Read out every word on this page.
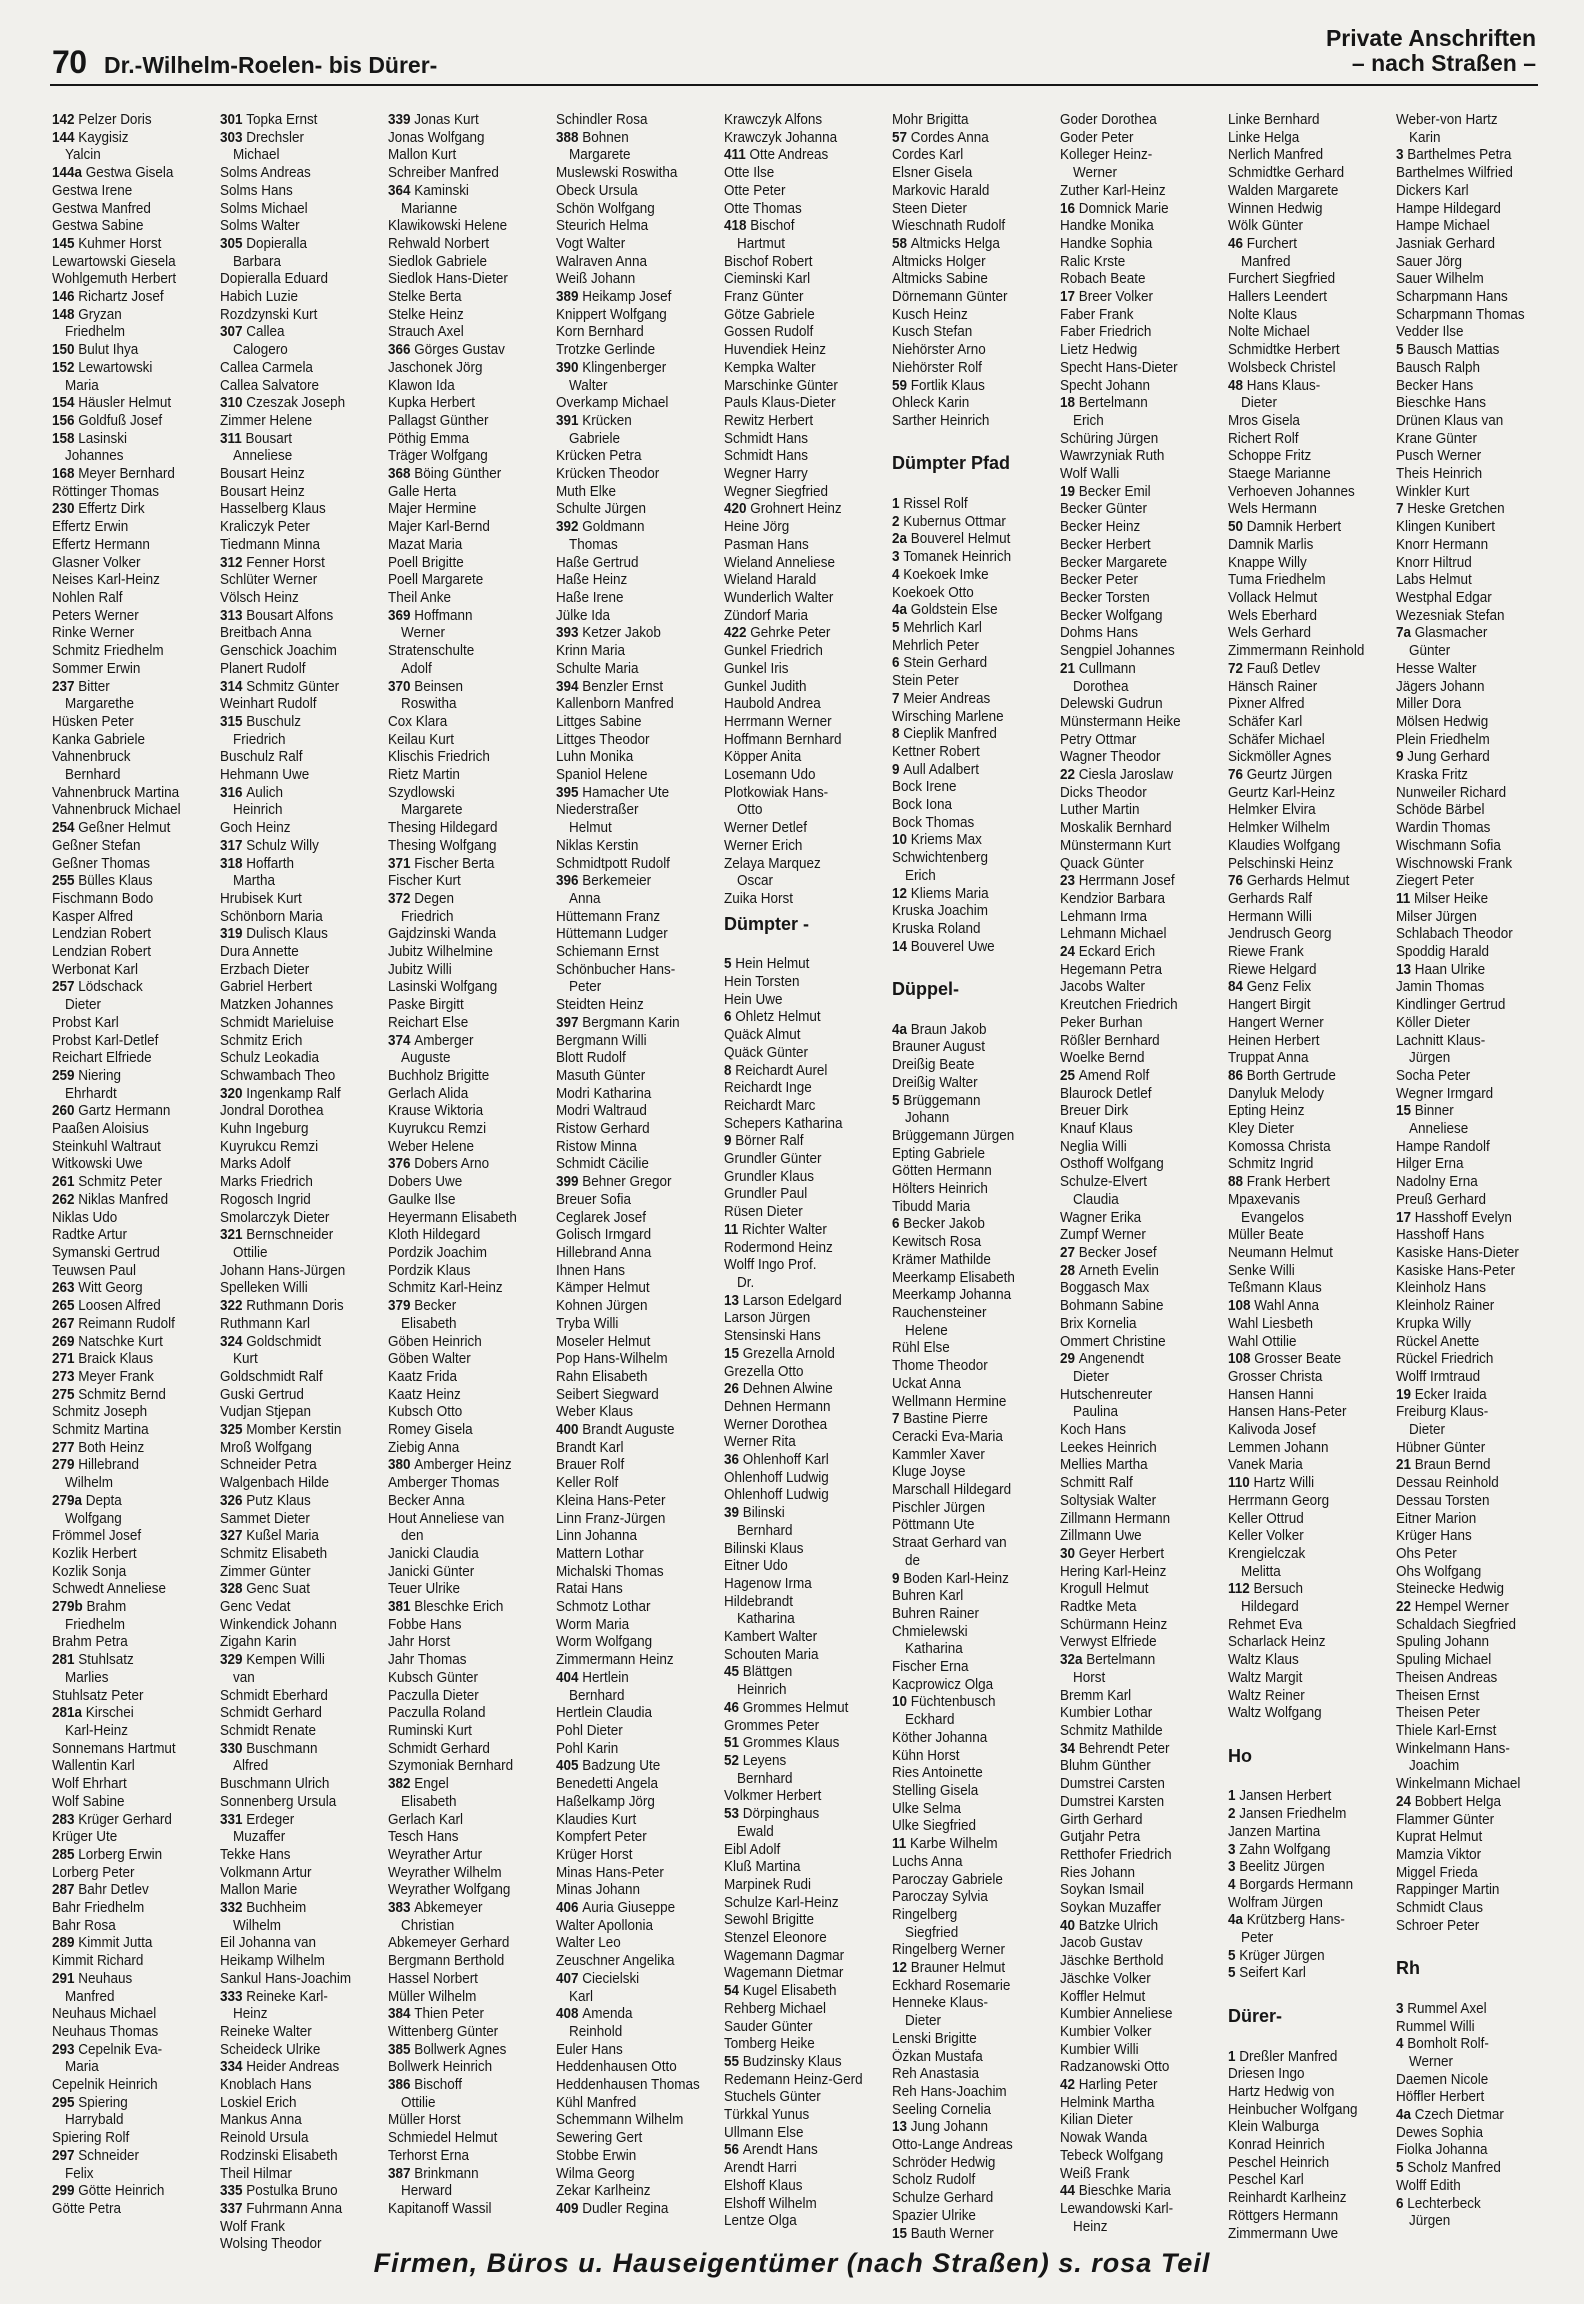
70 Dr.-Wilhelm-Roelen- bis Dürer-
Private Anschriften
– nach Straßen –
142 Pelzer Doris
144 Kaygisiz
Yalcin
144a Gestwa Gisela
Gestwa Irene
Gestwa Manfred
Gestwa Sabine
145 Kuhmer Horst
Lewartowski Giesela
Wohlgemuth Herbert
146 Richartz Josef
148 Gryzan
Friedhelm
150 Bulut Ihya
152 Lewartowski
Maria
154 Häusler Helmut
156 Goldfuß Josef
158 Lasinski
Johannes
168 Meyer Bernhard
Röttinger Thomas
230 Effertz Dirk
Effertz Erwin
Effertz Hermann
Glasner Volker
Neises Karl-Heinz
Nohlen Ralf
Peters Werner
Rinke Werner
Schmitz Friedhelm
Sommer Erwin
237 Bitter
Margarethe
Hüsken Peter
Kanka Gabriele
Vahnenbruck
Bernhard
Vahnenbruck Martina
Vahnenbruck Michael
254 Geßner Helmut
Geßner Stefan
Geßner Thomas
255 Bülles Klaus
Fischmann Bodo
Kasper Alfred
Lendzian Robert
Lendzian Robert
Werbonat Karl
257 Lödschack
Dieter
Probst Karl
Probst Karl-Detlef
Reichart Elfriede
259 Niering
Ehrhardt
260 Gartz Hermann
Paaßen Aloisius
Steinkuhl Waltraut
Witkowski Uwe
261 Schmitz Peter
262 Niklas Manfred
Niklas Udo
Radtke Artur
Symanski Gertrud
Teuwsen Paul
263 Witt Georg
265 Loosen Alfred
267 Reimann Rudolf
269 Natschke Kurt
271 Braick Klaus
273 Meyer Frank
275 Schmitz Bernd
Schmitz Joseph
Schmitz Martina
277 Both Heinz
279 Hillebrand
Wilhelm
279a Depta
Wolfgang
Frömmel Josef
Kozlik Herbert
Kozlik Sonja
Schwedt Anneliese
279b Brahm
Friedhelm
Brahm Petra
281 Stuhlsatz
Marlies
Stuhlsatz Peter
281a Kirschei
Karl-Heinz
Sonnemans Hartmut
Wallentin Karl
Wolf Ehrhart
Wolf Sabine
283 Krüger Gerhard
Krüger Ute
285 Lorberg Erwin
Lorberg Peter
287 Bahr Detlev
Bahr Friedhelm
Bahr Rosa
289 Kimmit Jutta
Kimmit Richard
291 Neuhaus
Manfred
Neuhaus Michael
Neuhaus Thomas
293 Cepelnik Eva-
Maria
Cepelnik Heinrich
295 Spiering
Harrybald
Spiering Rolf
297 Schneider
Felix
299 Götte Heinrich
Götte Petra
301 Topka Ernst
303 Drechsler
Michael
Solms Andreas
Solms Hans
Solms Michael
Solms Walter
305 Dopieralla
Barbara
Dopieralla Eduard
Habich Luzie
Rozdzynski Kurt
307 Callea
Calogero
Callea Carmela
Callea Salvatore
310 Czeszak Joseph
Zimmer Helene
311 Bousart
Anneliese
Bousart Heinz
Bousart Heinz
Hasselberg Klaus
Kraliczyk Peter
Tiedmann Minna
312 Fenner Horst
Schlüter Werner
Völsch Heinz
313 Bousart Alfons
Breitbach Anna
Genschick Joachim
Planert Rudolf
314 Schmitz Günter
Weinhart Rudolf
315 Buschulz
Friedrich
Buschulz Ralf
Hehmann Uwe
316 Aulich
Heinrich
Goch Heinz
317 Schulz Willy
318 Hoffarth
Martha
Hrubisek Kurt
Schönborn Maria
319 Dulisch Klaus
Dura Annette
Erzbach Dieter
Gabriel Herbert
Matzken Johannes
Schmidt Marieluise
Schmitz Erich
Schulz Leokadia
Schwambach Theo
320 Ingenkamp Ralf
Jondral Dorothea
Kuhn Ingeburg
Kuyrukcu Remzi
Marks Adolf
Marks Friedrich
Rogosch Ingrid
Smolarczyk Dieter
321 Bernschneider
Ottilie
Johann Hans-Jürgen
Spelleken Willi
322 Ruthmann Doris
Ruthmann Karl
324 Goldschmidt
Kurt
Goldschmidt Ralf
Guski Gertrud
Vudjan Stjepan
325 Momber Kerstin
Mroß Wolfgang
Schneider Petra
Walgenbach Hilde
326 Putz Klaus
Sammet Dieter
327 Kußel Maria
Schmitz Elisabeth
Zimmer Günter
328 Genc Suat
Genc Vedat
Winkendick Johann
Zigahn Karin
329 Kempen Willi
van
Schmidt Eberhard
Schmidt Gerhard
Schmidt Renate
330 Buschmann
Alfred
Buschmann Ulrich
Sonnenberg Ursula
331 Erdeger
Muzaffer
Tekke Hans
Volkmann Artur
Mallon Marie
332 Buchheim
Wilhelm
Eil Johanna van
Heikamp Wilhelm
Sankul Hans-Joachim
333 Reineke Karl-
Heinz
Reineke Walter
Scheideck Ulrike
334 Heider Andreas
Knoblach Hans
Loskiel Erich
Mankus Anna
Reinold Ursula
Rodzinski Elisabeth
Theil Hilmar
335 Postulka Bruno
337 Fuhrmann Anna
Wolf Frank
Wolsing Theodor
339 Jonas Kurt
Jonas Wolfgang
Mallon Kurt
Schreiber Manfred
364 Kaminski
Marianne
Klawikowski Helene
Rehwald Norbert
Siedlok Gabriele
Siedlok Hans-Dieter
Stelke Berta
Stelke Heinz
Strauch Axel
366 Görges Gustav
Jaschonek Jörg
Klawon Ida
Kupka Herbert
Pallagst Günther
Pöthig Emma
Träger Wolfgang
368 Böing Günther
Galle Herta
Majer Hermine
Majer Karl-Bernd
Mazat Maria
Poell Brigitte
Poell Margarete
Theil Anke
369 Hoffmann
Werner
Stratenschulte
Adolf
370 Beinsen
Roswitha
Cox Klara
Keilau Kurt
Klischis Friedrich
Rietz Martin
Szydlowski
Margarete
Thesing Hildegard
Thesing Wolfgang
371 Fischer Berta
Fischer Kurt
372 Degen
Friedrich
Gajdzinski Wanda
Jubitz Wilhelmine
Jubitz Willi
Lasinski Wolfgang
Paske Birgitt
Reichart Else
374 Amberger
Auguste
Buchholz Brigitte
Gerlach Alida
Krause Wiktoria
Kuyrukcu Remzi
Weber Helene
376 Dobers Arno
Dobers Uwe
Gaulke Ilse
Heyermann Elisabeth
Kloth Hildegard
Pordzik Joachim
Pordzik Klaus
Schmitz Karl-Heinz
379 Becker
Elisabeth
Göben Heinrich
Göben Walter
Kaatz Frida
Kaatz Heinz
Kubsch Otto
Romey Gisela
Ziebig Anna
380 Amberger Heinz
Amberger Thomas
Becker Anna
Hout Anneliese van
den
Janicki Claudia
Janicki Günter
Teuer Ulrike
381 Bleschke Erich
Fobbe Hans
Jahr Horst
Jahr Thomas
Kubsch Günter
Paczulla Dieter
Paczulla Roland
Ruminski Kurt
Schmidt Gerhard
Szymoniak Bernhard
382 Engel
Elisabeth
Gerlach Karl
Tesch Hans
Weyrather Artur
Weyrather Wilhelm
Weyrather Wolfgang
383 Abkemeyer
Christian
Abkemeyer Gerhard
Bergmann Berthold
Hassel Norbert
Müller Wilhelm
384 Thien Peter
Wittenberg Günter
385 Bollwerk Agnes
Bollwerk Heinrich
386 Bischoff
Ottilie
Müller Horst
Schmiedel Helmut
Terhorst Erna
387 Brinkmann
Herward
Kapitanoff Wassil
Schindler Rosa
388 Bohnen
Margarete
Muslewski Roswitha
Obeck Ursula
Schön Wolfgang
Steurich Helma
Vogt Walter
Walraven Anna
Weiß Johann
389 Heikamp Josef
Knippert Wolfgang
Korn Bernhard
Trotzke Gerlinde
390 Klingenberger
Walter
Overkamp Michael
391 Krücken
Gabriele
Krücken Petra
Krücken Theodor
Muth Elke
Schulte Jürgen
392 Goldmann
Thomas
Haße Gertrud
Haße Heinz
Haße Irene
Jülke Ida
393 Ketzer Jakob
Krinn Maria
Schulte Maria
394 Benzler Ernst
Kallenborn Manfred
Littges Sabine
Littges Theodor
Luhn Monika
Spaniol Helene
395 Hamacher Ute
Niederstraßer
Helmut
Niklas Kerstin
Schmidtpott Rudolf
396 Berkemeier
Anna
Hüttemann Franz
Hüttemann Ludger
Schiemann Ernst
Schönbucher Hans-
Peter
Steidten Heinz
397 Bergmann Karin
Bergmann Willi
Blott Rudolf
Masuth Günter
Modri Katharina
Modri Waltraud
Ristow Gerhard
Ristow Minna
Schmidt Cäcilie
399 Behner Gregor
Breuer Sofia
Ceglarek Josef
Golisch Irmgard
Hillebrand Anna
Ihnen Hans
Kämper Helmut
Kohnen Jürgen
Tryba Willi
Moseler Helmut
Pop Hans-Wilhelm
Rahn Elisabeth
Seibert Siegward
Weber Klaus
400 Brandt Auguste
Brandt Karl
Brauer Rolf
Keller Rolf
Kleina Hans-Peter
Linn Franz-Jürgen
Linn Johanna
Mattern Lothar
Michalski Thomas
Ratai Hans
Schmotz Lothar
Worm Maria
Worm Wolfgang
Zimmermann Heinz
404 Hertlein
Bernhard
Hertlein Claudia
Pohl Dieter
Pohl Karin
405 Badzung Ute
Benedetti Angela
Haßelkamp Jörg
Klaudies Kurt
Kompfert Peter
Krüger Horst
Minas Hans-Peter
Minas Johann
406 Auria Giuseppe
Walter Apollonia
Walter Leo
Zeuschner Angelika
407 Ciecielski
Karl
408 Amenda
Reinhold
Euler Hans
Heddenhausen Otto
Heddenhausen Thomas
Kühl Manfred
Schemmann Wilhelm
Sewering Gert
Stobbe Erwin
Wilma Georg
Zekar Karlheinz
409 Dudler Regina
Krawczyk Alfons
Krawczyk Johanna
411 Otte Andreas
Otte Ilse
Otte Peter
Otte Thomas
418 Bischof
Hartmut
Bischof Robert
Cieminski Karl
Franz Günter
Götze Gabriele
Gossen Rudolf
Huvendiek Heinz
Kempka Walter
Marschinke Günter
Pauls Klaus-Dieter
Rewitz Herbert
Schmidt Hans
Schmidt Hans
Wegner Harry
Wegner Siegfried
420 Grohnert Heinz
Heine Jörg
Pasman Hans
Wieland Anneliese
Wieland Harald
Wunderlich Walter
Zündorf Maria
422 Gehrke Peter
Gunkel Friedrich
Gunkel Iris
Gunkel Judith
Haubold Andrea
Herrmann Werner
Hoffmann Bernhard
Köpper Anita
Losemann Udo
Plotkowiak Hans-
Otto
Werner Detlef
Werner Erich
Zelaya Marquez
Oscar
Zuika Horst
Dümpter -

5 Hein Helmut
Hein Torsten
Hein Uwe
6 Ohletz Helmut
Quäck Almut
Quäck Günter
8 Reichardt Aurel
Reichardt Inge
Reichardt Marc
Schepers Katharina
9 Börner Ralf
Grundler Günter
Grundler Klaus
Grundler Paul
Rüsen Dieter
11 Richter Walter
Rodermond Heinz
Wolff Ingo Prof.
Dr.
13 Larson Edelgard
Larson Jürgen
Stensinski Hans
15 Grezella Arnold
Grezella Otto
26 Dehnen Alwine
Dehnen Hermann
Werner Dorothea
Werner Rita
36 Ohlenhoff Karl
Ohlenhoff Ludwig
Ohlenhoff Ludwig
39 Bilinski
Bernhard
Bilinski Klaus
Eitner Udo
Hagenow Irma
Hildebrandt
Katharina
Kambert Walter
Schouten Maria
45 Blättgen
Heinrich
46 Grommes Helmut
Grommes Peter
51 Grommes Klaus
52 Leyens
Bernhard
Volkmer Herbert
53 Dörpinghaus
Ewald
Eibl Adolf
Kluß Martina
Marpinek Rudi
Schulze Karl-Heinz
Sewohl Brigitte
Stenzel Eleonore
Wagemann Dagmar
Wagemann Dietmar
54 Kugel Elisabeth
Rehberg Michael
Sauder Günter
Tomberg Heike
55 Budzinsky Klaus
Redemann Heinz-Gerd
Stuchels Günter
Türkkal Yunus
Ullmann Else
56 Arendt Hans
Arendt Harri
Elshoff Klaus
Elshoff Wilhelm
Lentze Olga
Mohr Brigitta
57 Cordes Anna
Cordes Karl
Elsner Gisela
Markovic Harald
Steen Dieter
Wieschnath Rudolf
58 Altmicks Helga
Altmicks Holger
Altmicks Sabine
Dörnemann Günter
Kusch Heinz
Kusch Stefan
Niehörster Arno
Niehörster Rolf
59 Fortlik Klaus
Ohleck Karin
Sarther Heinrich

Dümpter Pfad

1 Rissel Rolf
2 Kubernus Ottmar
2a Bouverel Helmut
3 Tomanek Heinrich
4 Koekoek Imke
Koekoek Otto
4a Goldstein Else
5 Mehrlich Karl
Mehrlich Peter
6 Stein Gerhard
Stein Peter
7 Meier Andreas
Wirsching Marlene
8 Cieplik Manfred
Kettner Robert
9 Aull Adalbert
Bock Irene
Bock Iona
Bock Thomas
10 Kriems Max
Schwichtenberg
Erich
12 Kliems Maria
Kruska Joachim
Kruska Roland
14 Bouverel Uwe

Düppel-

4a Braun Jakob
Brauner August
Dreißig Beate
Dreißig Walter
5 Brüggemann
Johann
Brüggemann Jürgen
Epting Gabriele
Götten Hermann
Hölters Heinrich
Tibudd Maria
6 Becker Jakob
Kewitsch Rosa
Krämer Mathilde
Meerkamp Elisabeth
Meerkamp Johanna
Rauchensteiner
Helene
Rühl Else
Thome Theodor
Uckat Anna
Wellmann Hermine
7 Bastine Pierre
Ceracki Eva-Maria
Kammler Xaver
Kluge Joyse
Marschall Hildegard
Pischler Jürgen
Pöttmann Ute
Straat Gerhard van
de
9 Boden Karl-Heinz
Buhren Karl
Buhren Rainer
Chmielewski
Katharina
Fischer Erna
Kacprowicz Olga
10 Füchtenbusch
Eckhard
Köther Johanna
Kühn Horst
Ries Antoinette
Stelling Gisela
Ulke Selma
Ulke Siegfried
11 Karbe Wilhelm
Luchs Anna
Paroczay Gabriele
Paroczay Sylvia
Ringelberg
Siegfried
Ringelberg Werner
12 Brauner Helmut
Eckhard Rosemarie
Henneke Klaus-
Dieter
Lenski Brigitte
Özkan Mustafa
Reh Anastasia
Reh Hans-Joachim
Seeling Cornelia
13 Jung Johann
Otto-Lange Andreas
Schröder Hedwig
Scholz Rudolf
Schulze Gerhard
Spazier Ulrike
15 Bauth Werner
Goder Dorothea
Goder Peter
Kolleger Heinz-
Werner
Zuther Karl-Heinz
16 Domnick Marie
Handke Monika
Handke Sophia
Ralic Krste
Robach Beate
17 Breer Volker
Faber Frank
Faber Friedrich
Lietz Hedwig
Specht Hans-Dieter
Specht Johann
18 Bertelmann
Erich
Schüring Jürgen
Wawrzyniak Ruth
Wolf Walli
19 Becker Emil
Becker Günter
Becker Heinz
Becker Herbert
Becker Margarete
Becker Peter
Becker Torsten
Becker Wolfgang
Dohms Hans
Sengpiel Johannes
21 Cullmann
Dorothea
Delewski Gudrun
Münstermann Heike
Petry Ottmar
Wagner Theodor
22 Ciesla Jaroslaw
Dicks Theodor
Luther Martin
Moskalik Bernhard
Münstermann Kurt
Quack Günter
23 Herrmann Josef
Kendzior Barbara
Lehmann Irma
Lehmann Michael
24 Eckard Erich
Hegemann Petra
Jacobs Walter
Kreutchen Friedrich
Peker Burhan
Rößler Bernhard
Woelke Bernd
25 Amend Rolf
Blaurock Detlef
Breuer Dirk
Knauf Klaus
Neglia Willi
Osthoff Wolfgang
Schulze-Elvert
Claudia
Wagner Erika
Zumpf Werner
27 Becker Josef
28 Arneth Evelin
Boggasch Max
Bohmann Sabine
Brix Kornelia
Ommert Christine
29 Angenendt
Dieter
Hutschenreuter
Paulina
Koch Hans
Leekes Heinrich
Mellies Martha
Schmitt Ralf
Soltysiak Walter
Zillmann Hermann
Zillmann Uwe
30 Geyer Herbert
Hering Karl-Heinz
Krogull Helmut
Radtke Meta
Schürmann Heinz
Verwyst Elfriede
32a Bertelmann
Horst
Bremm Karl
Kumbier Lothar
Schmitz Mathilde
34 Behrendt Peter
Bluhm Günther
Dumstrei Carsten
Dumstrei Karsten
Girth Gerhard
Gutjahr Petra
Retthofer Friedrich
Ries Johann
Soykan Ismail
Soykan Muzaffer
40 Batzke Ulrich
Jacob Gustav
Jäschke Berthold
Jäschke Volker
Koffler Helmut
Kumbier Anneliese
Kumbier Volker
Kumbier Willi
Radzanowski Otto
42 Harling Peter
Helmink Martha
Kilian Dieter
Nowak Wanda
Tebeck Wolfgang
Weiß Frank
44 Bieschke Maria
Lewandowski Karl-
Heinz
Linke Bernhard
Linke Helga
Nerlich Manfred
Schmidtke Gerhard
Walden Margarete
Winnen Hedwig
Wölk Günter
46 Furchert
Manfred
Furchert Siegfried
Hallers Leendert
Nolte Klaus
Nolte Michael
Schmidtke Herbert
Wolsbeck Christel
48 Hans Klaus-
Dieter
Mros Gisela
Richert Rolf
Schoppe Fritz
Staege Marianne
Verhoeven Johannes
Wels Hermann
50 Damnik Herbert
Damnik Marlis
Knappe Willy
Tuma Friedhelm
Vollack Helmut
Wels Eberhard
Wels Gerhard
Zimmermann Reinhold
72 Fauß Detlev
Hänsch Rainer
Pixner Alfred
Schäfer Karl
Schäfer Michael
Sickmöller Agnes
76 Geurtz Jürgen
Geurtz Karl-Heinz
Helmker Elvira
Helmker Wilhelm
Klaudies Wolfgang
Pelschinski Heinz
76 Gerhards Helmut
Gerhards Ralf
Hermann Willi
Jendrusch Georg
Riewe Frank
Riewe Helgard
84 Genz Felix
Hangert Birgit
Hangert Werner
Heinen Herbert
Truppat Anna
86 Borth Gertrude
Danyluk Melody
Epting Heinz
Kley Dieter
Komossa Christa
Schmitz Ingrid
88 Frank Herbert
Mpaxevanis
Evangelos
Müller Beate
Neumann Helmut
Senke Willi
Teßmann Klaus
108 Wahl Anna
Wahl Liesbeth
Wahl Ottilie
108 Grosser Beate
Grosser Christa
Hansen Hanni
Hansen Hans-Peter
Kalivoda Josef
Lemmen Johann
Vanek Maria
110 Hartz Willi
Herrmann Georg
Keller Ottrud
Keller Volker
Krengielczak
Melitta
112 Bersuch
Hildegard
Rehmet Eva
Scharlack Heinz
Waltz Klaus
Waltz Margit
Waltz Reiner
Waltz Wolfgang

Ho

1 Jansen Herbert
2 Jansen Friedhelm
Janzen Martina
3 Zahn Wolfgang
3 Beelitz Jürgen
4 Borgards Hermann
Wolfram Jürgen
4a Krützberg Hans-
Peter
5 Krüger Jürgen
5 Seifert Karl

Dürer-

1 Dreßler Manfred
Driesen Ingo
Hartz Hedwig von
Heinbucher Wolfgang
Klein Walburga
Konrad Heinrich
Peschel Heinrich
Peschel Karl
Reinhardt Karlheinz
Röttgers Hermann
Zimmermann Uwe
Weber-von Hartz
Karin
3 Barthelmes Petra
Barthelmes Wilfried
Dickers Karl
Hampe Hildegard
Hampe Michael
Jasniak Gerhard
Sauer Jörg
Sauer Wilhelm
Scharpmann Hans
Scharpmann Thomas
Vedder Ilse
5 Bausch Mattias
Bausch Ralph
Becker Hans
Bieschke Hans
Drünen Klaus van
Krane Günter
Pusch Werner
Theis Heinrich
Winkler Kurt
7 Heske Gretchen
Klingen Kunibert
Knorr Hermann
Knorr Hiltrud
Labs Helmut
Westphal Edgar
Wezesniak Stefan
7a Glasmacher
Günter
Hesse Walter
Jägers Johann
Miller Dora
Mölsen Hedwig
Plein Friedhelm
9 Jung Gerhard
Kraska Fritz
Nunweiler Richard
Schöde Bärbel
Wardin Thomas
Wischmann Sofia
Wischnowski Frank
Ziegert Peter
11 Milser Heike
Milser Jürgen
Schlabach Theodor
Spoddig Harald
13 Haan Ulrike
Jamin Thomas
Kindlinger Gertrud
Köller Dieter
Lachnitt Klaus-
Jürgen
Socha Peter
Wegner Irmgard
15 Binner
Anneliese
Hampe Randolf
Hilger Erna
Nadolny Erna
Preuß Gerhard
17 Hasshoff Evelyn
Hasshoff Hans
Kasiske Hans-Dieter
Kasiske Hans-Peter
Kleinholz Hans
Kleinholz Rainer
Krupka Willy
Rückel Anette
Rückel Friedrich
Wolff Irmtraud
19 Ecker Iraida
Freiburg Klaus-
Dieter
Hübner Günter
21 Braun Bernd
Dessau Reinhold
Dessau Torsten
Eitner Marion
Krüger Hans
Ohs Peter
Ohs Wolfgang
Steinecke Hedwig
22 Hempel Werner
Schaldach Siegfried
Spuling Johann
Spuling Michael
Theisen Andreas
Theisen Ernst
Theisen Peter
Thiele Karl-Ernst
Winkelmann Hans-
Joachim
Winkelmann Michael
24 Bobbert Helga
Flammer Günter
Kuprat Helmut
Mamzia Viktor
Miggel Frieda
Rappinger Martin
Schmidt Claus
Schroer Peter

Rh

3 Rummel Axel
Rummel Willi
4 Bomholt Rolf-
Werner
Daemen Nicole
Höffler Herbert
4a Czech Dietmar
Dewes Sophia
Fiolka Johanna
5 Scholz Manfred
Wolff Edith
6 Lechterbeck
Jürgen
Firmen, Büros u. Hauseigentümer (nach Straßen) s. rosa Teil
